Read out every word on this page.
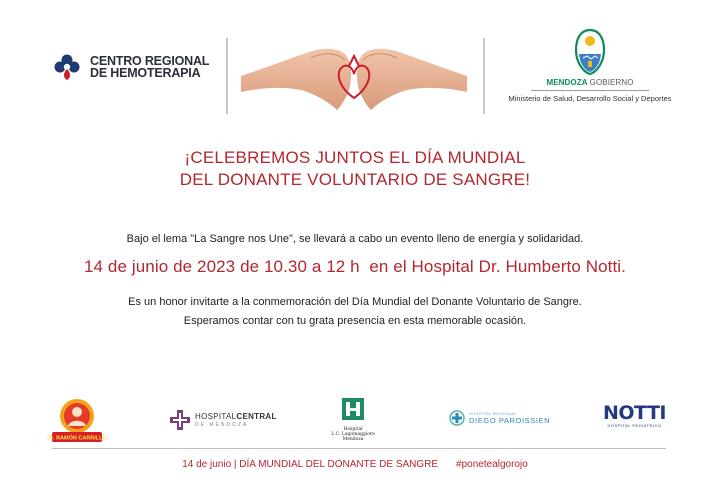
CENTRO REGIONAL
DE HEMOTERAPIA
MENDOZA GOBIERNO
Ministerio de Salud, Desarrollo Social y Deportes
¡CELEBREMOS JUNTOS EL DÍA MUNDIAL
DEL DONANTE VOLUNTARIO DE SANGRE!
Bajo el lema "La Sangre nos Une", se llevará a cabo un evento lleno de energía y solidaridad.
14 de junio de 2023 de 10.30 a 12 h  en el Hospital Dr. Humberto Notti.
Es un honor invitarte a la conmemoración del Día Mundial del Donante Voluntario de Sangre.
Esperamos contar con tu grata presencia en esta memorable ocasión.
Dr. RAMÓN CARRILLO
HOSPITALCENTRAL
DE MENDOZA
Hospital
L.C. Lagomaggiore
Mendoza
HOSPITAL REGIONAL
DIEGO PAROISSIEN	NOTTI
HOSPITAL PEDIATRICO
14 de junio | DÍA MUNDIAL DEL DONANTE DE SANGRE #ponetealgorojo
